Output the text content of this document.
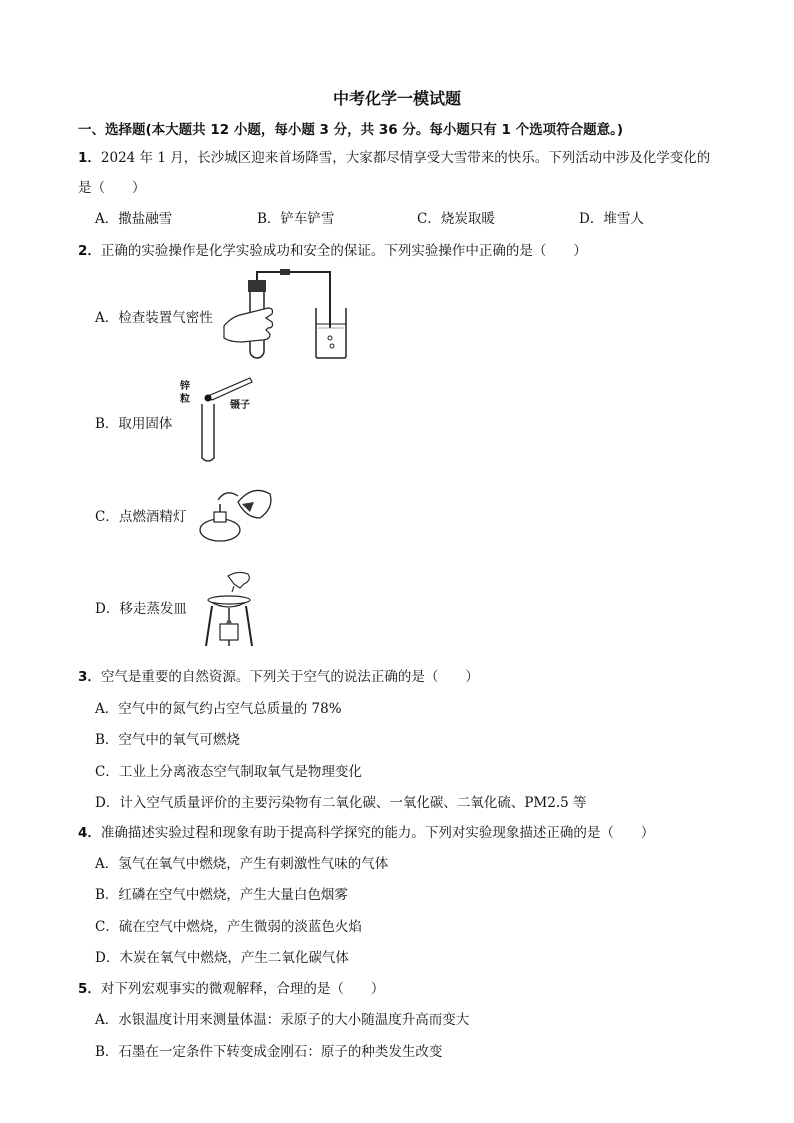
中考化学一模试题
一、选择题(本大题共 12 小题，每小题 3 分，共 36 分。每小题只有 1 个选项符合题意。)
1．2024 年 1 月，长沙城区迎来首场降雪，大家都尽情享受大雪带来的快乐。下列活动中涉及化学变化的
是（　　）
A．撒盐融雪	B．铲车铲雪	C．烧炭取暖	D．堆雪人
2．正确的实验操作是化学实验成功和安全的保证。下列实验操作中正确的是（　　）
A．检查装置气密性
B．取用固体
锌
粒
镊子
C．点燃酒精灯
D．移走蒸发皿
3．空气是重要的自然资源。下列关于空气的说法正确的是（　　）
A．空气中的氮气约占空气总质量的 78%
B．空气中的氧气可燃烧
C．工业上分离液态空气制取氧气是物理变化
D．计入空气质量评价的主要污染物有二氧化碳、一氧化碳、二氧化硫、PM2.5 等
4．准确描述实验过程和现象有助于提高科学探究的能力。下列对实验现象描述正确的是（　　）
A．氢气在氧气中燃烧，产生有刺激性气味的气体
B．红磷在空气中燃烧，产生大量白色烟雾
C．硫在空气中燃烧，产生微弱的淡蓝色火焰
D．木炭在氧气中燃烧，产生二氧化碳气体
5．对下列宏观事实的微观解释，合理的是（　　）
A．水银温度计用来测量体温：汞原子的大小随温度升高而变大
B．石墨在一定条件下转变成金刚石：原子的种类发生改变
